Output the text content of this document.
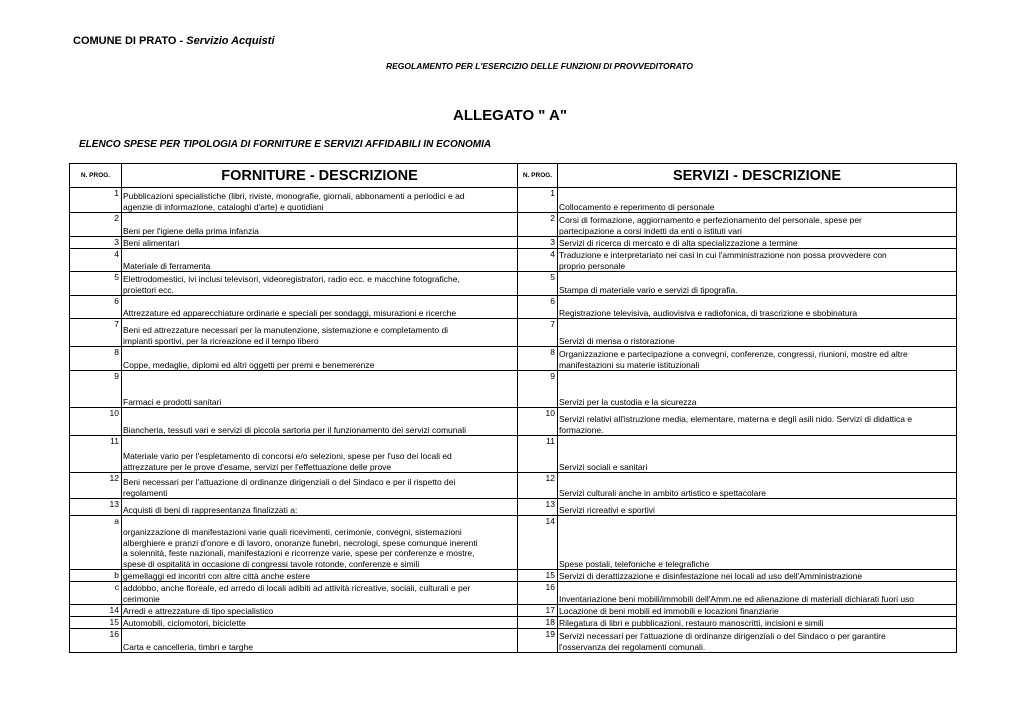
COMUNE DI PRATO - Servizio Acquisti
REGOLAMENTO PER L'ESERCIZIO DELLE FUNZIONI DI PROVVEDITORATO
ALLEGATO " A"
ELENCO SPESE PER TIPOLOGIA DI FORNITURE E SERVIZI AFFIDABILI IN ECONOMIA
N. PROG.	FORNITURE - DESCRIZIONE	N. PROG.	SERVIZI - DESCRIZIONE
1	Pubblicazioni specialistiche (libri, riviste, monografie, giornali, abbonamenti a periodici e ad
agenzie di informazione, cataloghi d'arte) e quotidiani	1	Collocamento e reperimento di personale
2	Beni per l'igiene della prima infanzia	2	Corsi di formazione, aggiornamento e perfezionamento del personale, spese per
partecipazione a corsi indetti da enti o istituti vari
3	Beni alimentari	3	Servizi di ricerca di mercato e di alta specializzazione a termine
4	Materiale di ferramenta	4	Traduzione e interpretariato nei casi in cui l'amministrazione non possa provvedere con
proprio personale
5	Elettrodomestici, ivi inclusi televisori, videoregistratori, radio ecc. e macchine fotografiche,
proiettori ecc.	5	Stampa di materiale vario e servizi di tipografia.
6	Attrezzature ed apparecchiature ordinarie e speciali per sondaggi, misurazioni e ricerche	6	Registrazione televisiva, audiovisiva e radiofonica, di trascrizione e sbobinatura
7	Beni ed attrezzature necessari per la manutenzione, sistemazione e completamento di
impianti sportivi, per la ricreazione ed il tempo libero	7	Servizi di mensa o ristorazione
8	Coppe, medaglie, diplomi ed altri oggetti per premi e benemerenze	8	Organizzazione e partecipazione a convegni, conferenze, congressi, riunioni, mostre ed altre
manifestazioni su materie istituzionali
9	Farmaci e prodotti sanitari	9	Servizi per la custodia e la sicurezza
10	Biancheria, tessuti vari e servizi di piccola sartoria per il funzionamento dei servizi comunali	10	Servizi relativi all'istruzione media, elementare, materna e degli asili nido. Servizi di didattica e
formazione.
11	Materiale vario per l'espletamento di concorsi e/o selezioni, spese per l'uso dei locali ed
attrezzature per le prove d'esame, servizi per l'effettuazione delle prove	11	Servizi sociali e sanitari
12	Beni necessari per l'attuazione di ordinanze dirigenziali o del Sindaco e per il rispetto dei
regolamenti	12	Servizi culturali anche in ambito artistico e spettacolare
13	Acquisti di beni di rappresentanza finalizzati a:	13	Servizi ricreativi e sportivi
a	organizzazione di manifestazioni varie quali ricevimenti, cerimonie, convegni, sistemazioni
alberghiere e pranzi d'onore e di lavoro, onoranze funebri, necrologi, spese comunque inerenti
a solennità, feste nazionali, manifestazioni e ricorrenze varie, spese per conferenze e mostre,
spese di ospitalità in occasione di congressi tavole rotonde, conferenze e simili	14	Spese postali, telefoniche e telegrafiche
b	gemellaggi ed incontri con altre città anche estere	15	Servizi di derattizzazione e disinfestazione nei locali ad uso dell'Amministrazione
c	addobbo, anche floreale, ed arredo di locali adibiti ad attività ricreative, sociali, culturali e per
cerimonie	16	Inventariazione beni mobili/immobili dell'Amm.ne ed alienazione di materiali dichiarati fuori uso
14	Arredi e attrezzature di tipo specialistico	17	Locazione di beni mobili ed immobili e locazioni finanziarie
15	Automobili, ciclomotori, biciclette	18	Rilegatura di libri e pubblicazioni, restauro manoscritti, incisioni e simili
16	Carta e cancelleria, timbri e targhe	19	Servizi necessari per l'attuazione di ordinanze dirigenziali o del Sindaco o per garantire
l'osservanza dei regolamenti comunali.
